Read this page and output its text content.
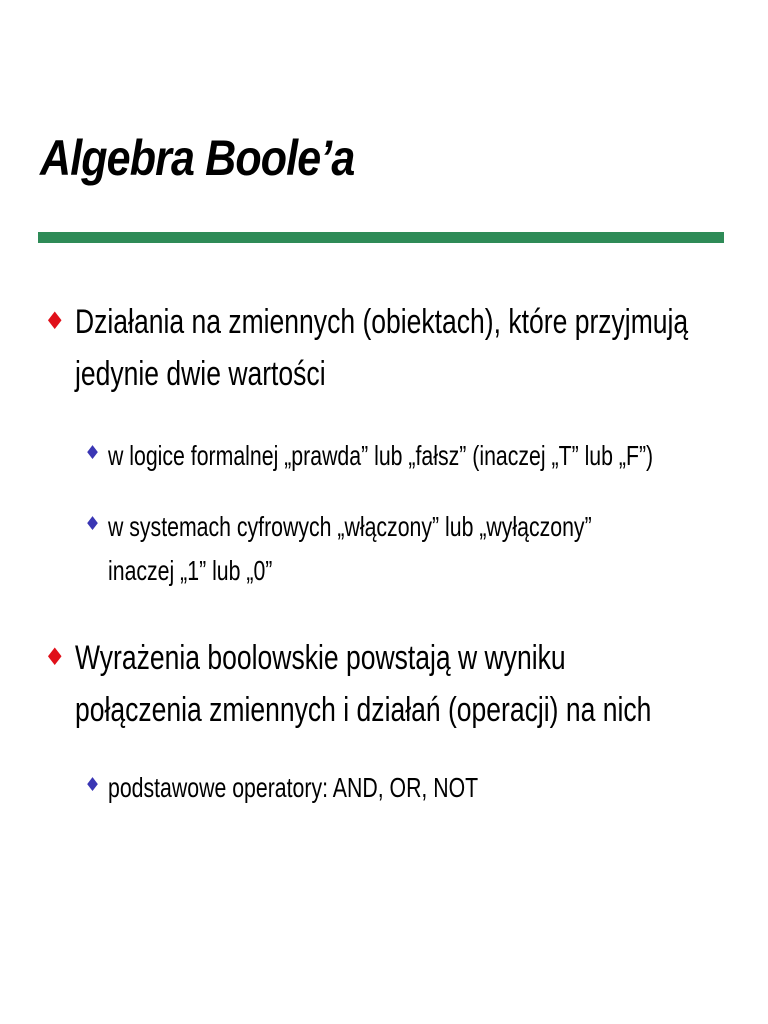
Algebra Boole’a
♦ Działania na zmiennych (obiektach), które przyjmują
jedynie dwie wartości
♦ w logice formalnej „prawda” lub „fałsz” (inaczej „T” lub „F”)
♦ w systemach cyfrowych „włączony” lub „wyłączony”
inaczej „1” lub „0”
♦ Wyrażenia boolowskie powstają w wyniku
połączenia zmiennych i działań (operacji) na nich
♦ podstawowe operatory: AND, OR, NOT
